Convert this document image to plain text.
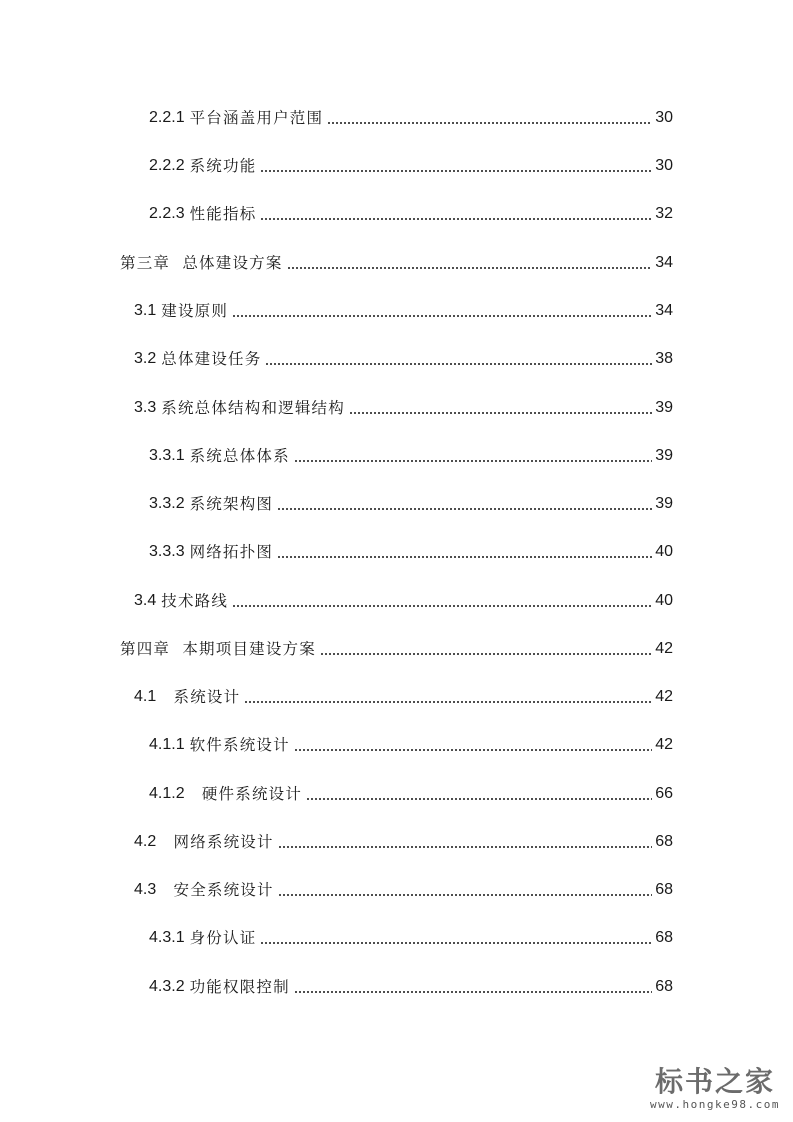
2.2.1 平台涵盖用户范围	30
2.2.2 系统功能	30
2.2.3 性能指标	32
第三章  总体建设方案	34
3.1 建设原则	34
3.2 总体建设任务	38
3.3 系统总体结构和逻辑结构	39
3.3.1 系统总体体系	39
3.3.2 系统架构图	39
3.3.3 网络拓扑图	40
3.4 技术路线	40
第四章  本期项目建设方案	42
4.1 系统设计	42
4.1.1 软件系统设计	42
4.1.2 硬件系统设计	66
4.2 网络系统设计	68
4.3 安全系统设计	68
4.3.1 身份认证	68
4.3.2 功能权限控制	68
标书之家
www.hongke98.com
